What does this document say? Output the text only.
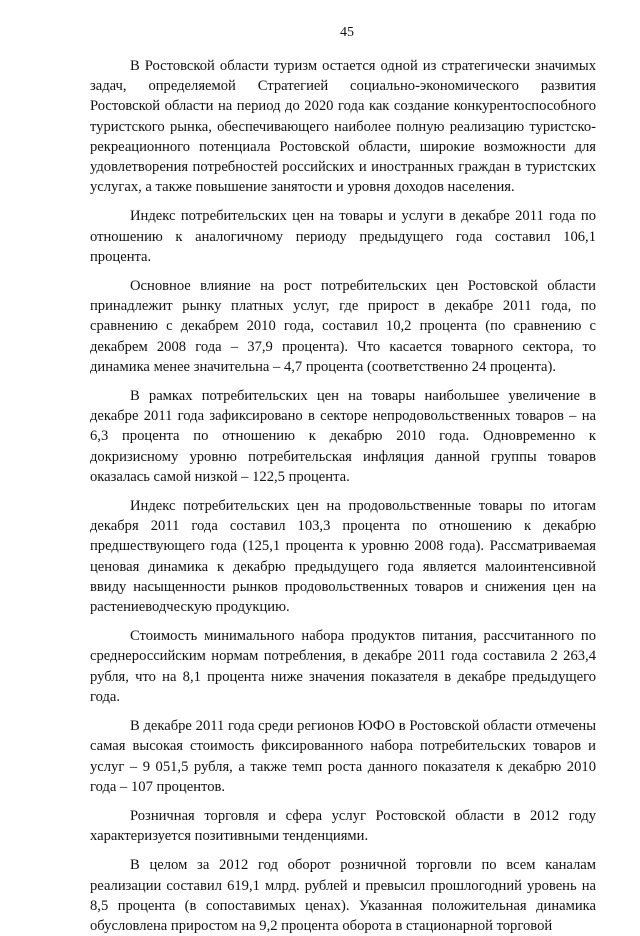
45

В Ростовской области туризм остается одной из стратегически значимых задач, определяемой Стратегией социально-экономического развития Ростовской области на период до 2020 года как создание конкурентоспособного туристского рынка, обеспечивающего наиболее полную реализацию туристско-рекреационного потенциала Ростовской области, широкие возможности для удовлетворения потребностей российских и иностранных граждан в туристских услугах, а также повышение занятости и уровня доходов населения.

Индекс потребительских цен на товары и услуги в декабре 2011 года по отношению к аналогичному периоду предыдущего года составил 106,1 процента.

Основное влияние на рост потребительских цен Ростовской области принадлежит рынку платных услуг, где прирост в декабре 2011 года, по сравнению с декабрем 2010 года, составил 10,2 процента (по сравнению с декабрем 2008 года – 37,9 процента). Что касается товарного сектора, то динамика менее значительна – 4,7 процента (соответственно 24 процента).

В рамках потребительских цен на товары наибольшее увеличение в декабре 2011 года зафиксировано в секторе непродовольственных товаров – на 6,3 процента по отношению к декабрю 2010 года. Одновременно к докризисному уровню потребительская инфляция данной группы товаров оказалась самой низкой – 122,5 процента.

Индекс потребительских цен на продовольственные товары по итогам декабря 2011 года составил 103,3 процента по отношению к декабрю предшествующего года (125,1 процента к уровню 2008 года). Рассматриваемая ценовая динамика к декабрю предыдущего года является малоинтенсивной ввиду насыщенности рынков продовольственных товаров и снижения цен на растениеводческую продукцию.

Стоимость минимального набора продуктов питания, рассчитанного по среднероссийским нормам потребления, в декабре 2011 года составила 2 263,4 рубля, что на 8,1 процента ниже значения показателя в декабре предыдущего года.

В декабре 2011 года среди регионов ЮФО в Ростовской области отмечены самая высокая стоимость фиксированного набора потребительских товаров и услуг – 9 051,5 рубля, а также темп роста данного показателя к декабрю 2010 года – 107 процентов.

Розничная торговля и сфера услуг Ростовской области в 2012 году характеризуется позитивными тенденциями.

В целом за 2012 год оборот розничной торговли по всем каналам реализации составил 619,1 млрд. рублей и превысил прошлогодний уровень на 8,5 процента (в сопоставимых ценах). Указанная положительная динамика обусловлена приростом на 9,2 процента оборота в стационарной торговой
